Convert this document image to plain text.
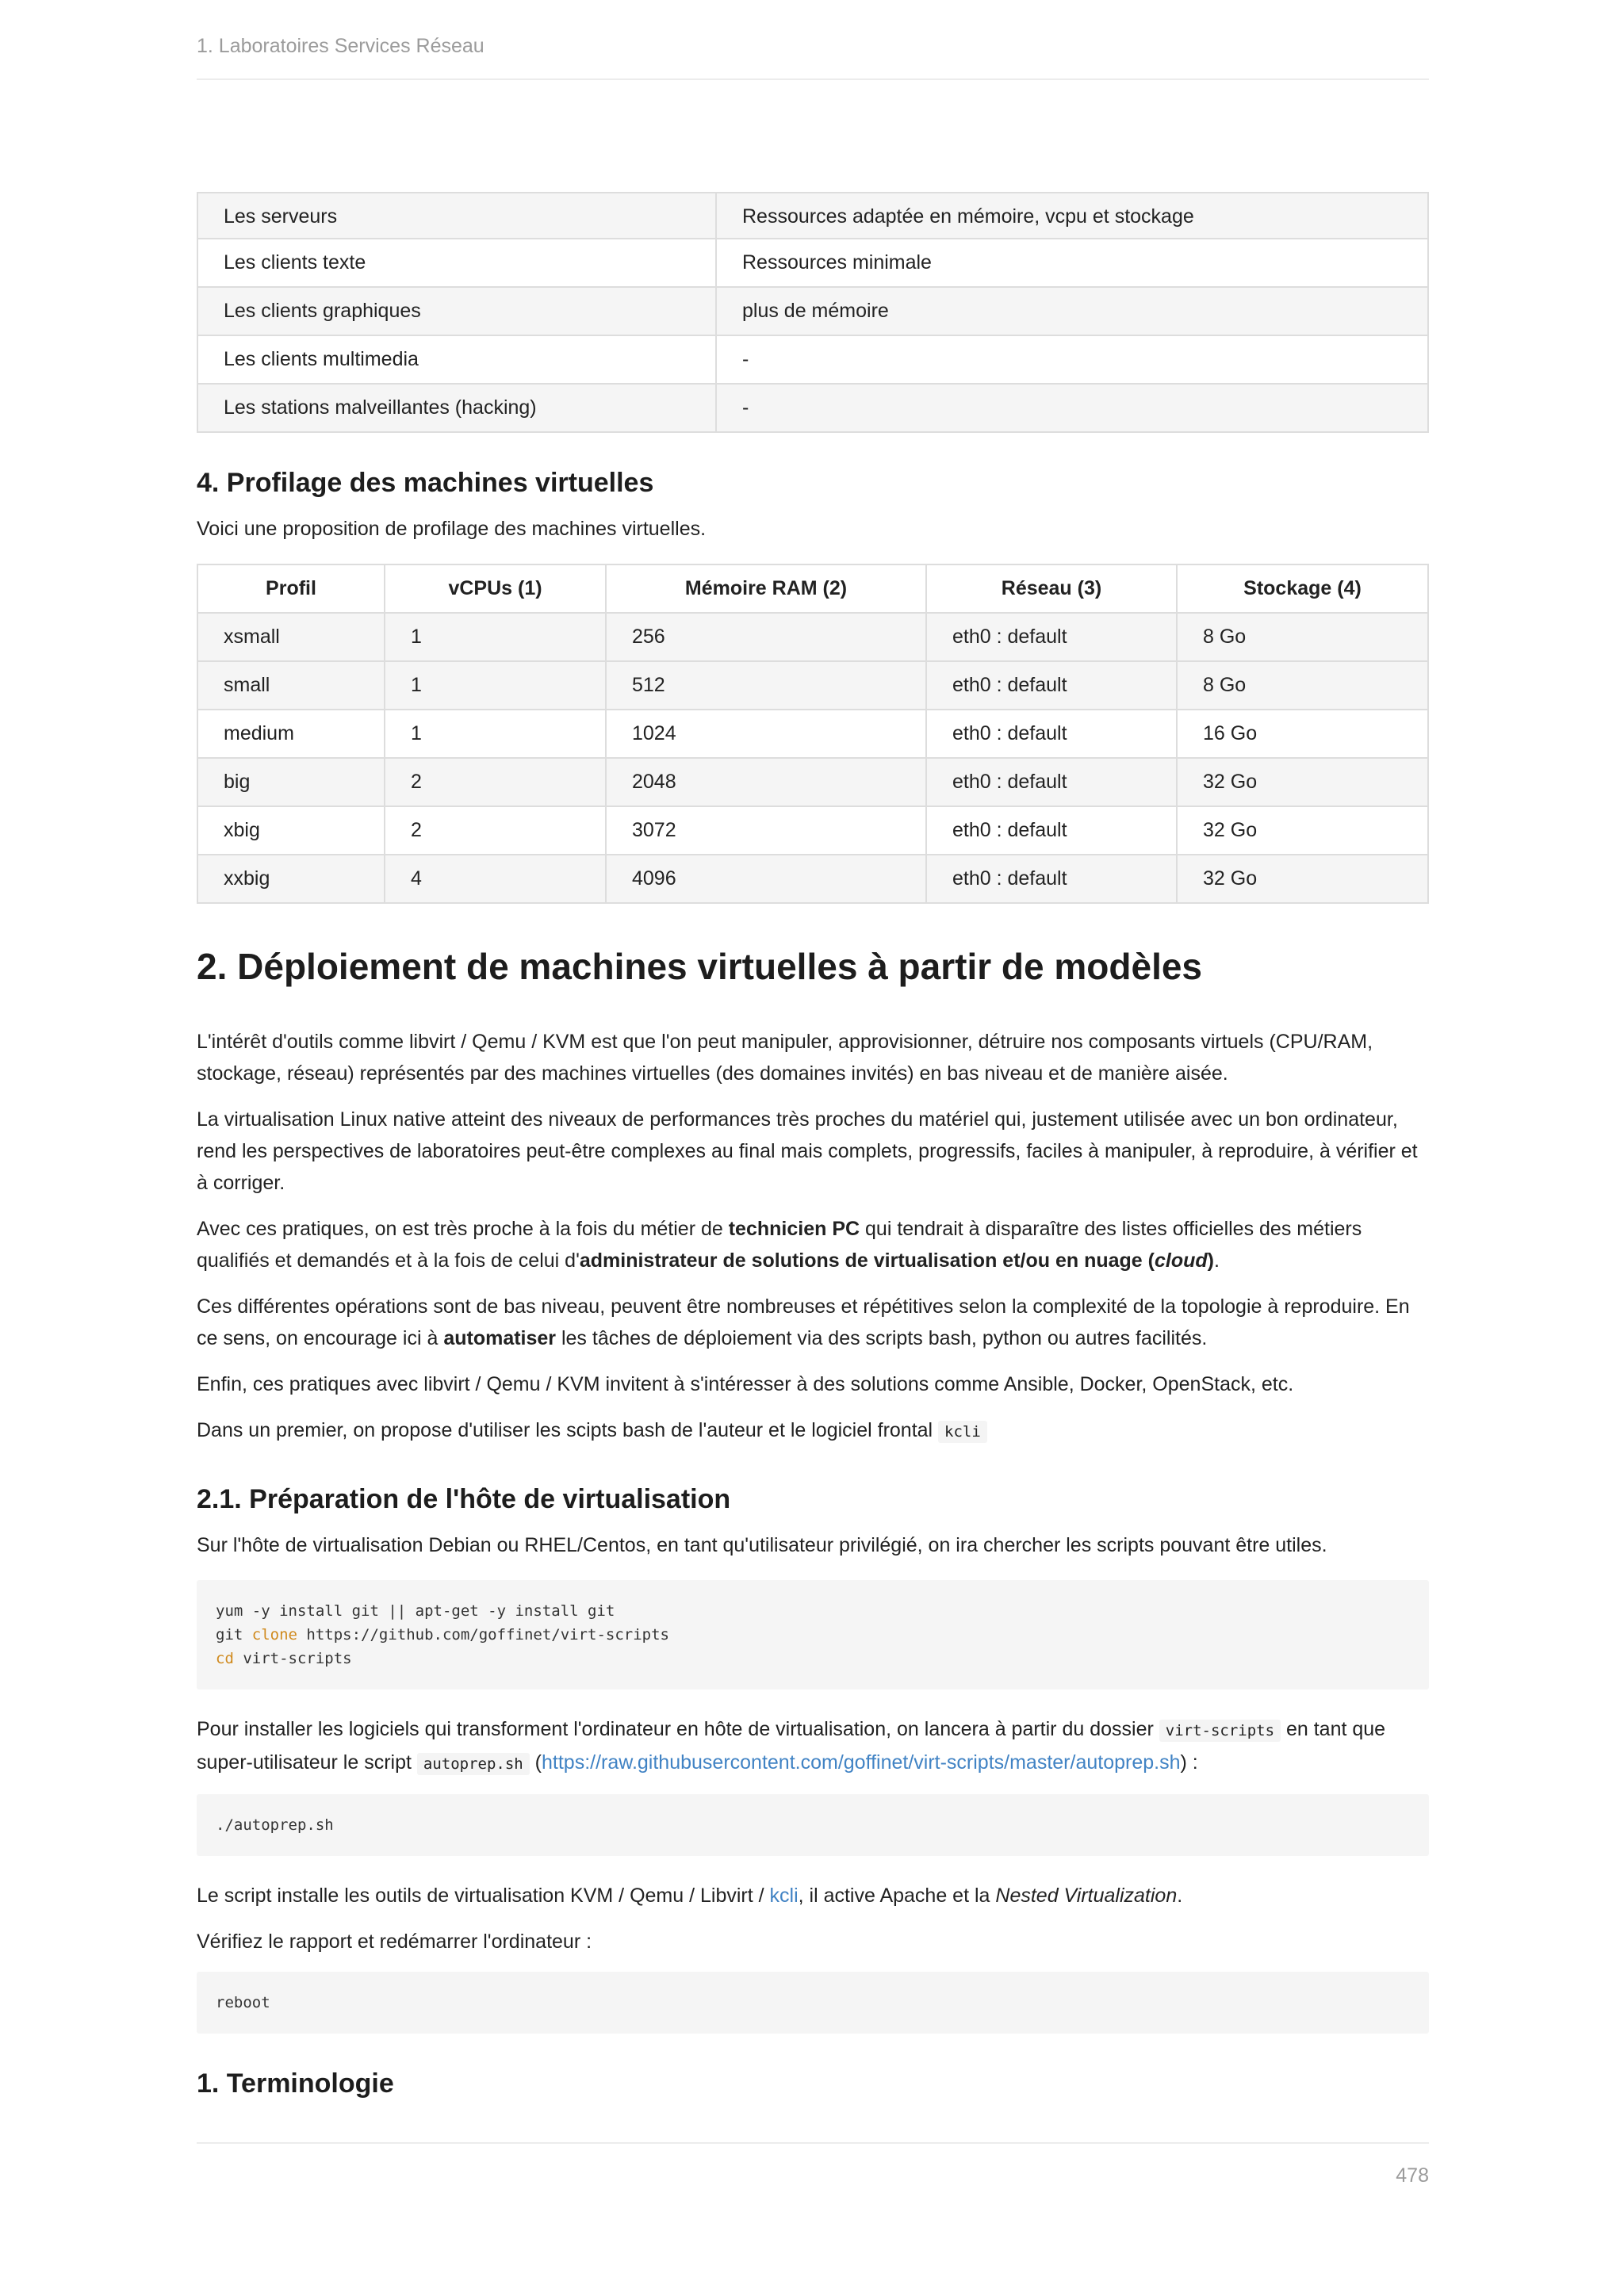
1. Laboratoires Services Réseau
Les serveurs	Ressources adaptée en mémoire, vcpu et stockage
Les clients texte	Ressources minimale
Les clients graphiques	plus de mémoire
Les clients multimedia	-
Les stations malveillantes (hacking)	-
4. Profilage des machines virtuelles

Voici une proposition de profilage des machines virtuelles.

Profil	vCPUs (1)	Mémoire RAM (2)	Réseau (3)	Stockage (4)
xsmall	1	256	eth0 : default	8 Go
small	1	512	eth0 : default	8 Go
medium	1	1024	eth0 : default	16 Go
big	2	2048	eth0 : default	32 Go
xbig	2	3072	eth0 : default	32 Go
xxbig	4	4096	eth0 : default	32 Go
2. Déploiement de machines virtuelles à partir de modèles

L'intérêt d'outils comme libvirt / Qemu / KVM est que l'on peut manipuler, approvisionner, détruire nos composants virtuels (CPU/RAM, stockage, réseau) représentés par des machines virtuelles (des domaines invités) en bas niveau et de manière aisée.

La virtualisation Linux native atteint des niveaux de performances très proches du matériel qui, justement utilisée avec un bon ordinateur, rend les perspectives de laboratoires peut-être complexes au final mais complets, progressifs, faciles à manipuler, à reproduire, à vérifier et à corriger.

Avec ces pratiques, on est très proche à la fois du métier de technicien PC qui tendrait à disparaître des listes officielles des métiers qualifiés et demandés et à la fois de celui d'administrateur de solutions de virtualisation et/ou en nuage (cloud).

Ces différentes opérations sont de bas niveau, peuvent être nombreuses et répétitives selon la complexité de la topologie à reproduire. En ce sens, on encourage ici à automatiser les tâches de déploiement via des scripts bash, python ou autres facilités.

Enfin, ces pratiques avec libvirt / Qemu / KVM invitent à s'intéresser à des solutions comme Ansible, Docker, OpenStack, etc.

Dans un premier, on propose d'utiliser les scipts bash de l'auteur et le logiciel frontal kcli

2.1. Préparation de l'hôte de virtualisation

Sur l'hôte de virtualisation Debian ou RHEL/Centos, en tant qu'utilisateur privilégié, on ira chercher les scripts pouvant être utiles.

yum -y install git || apt-get -y install git
git clone https://github.com/goffinet/virt-scripts
cd virt-scripts

Pour installer les logiciels qui transforment l'ordinateur en hôte de virtualisation, on lancera à partir du dossier virt-scripts en tant que super-utilisateur le script autoprep.sh (https://raw.githubusercontent.com/goffinet/virt-scripts/master/autoprep.sh) :

./autoprep.sh

Le script installe les outils de virtualisation KVM / Qemu / Libvirt / kcli, il active Apache et la Nested Virtualization.

Vérifiez le rapport et redémarrer l'ordinateur :

reboot
1. Terminologie
478
